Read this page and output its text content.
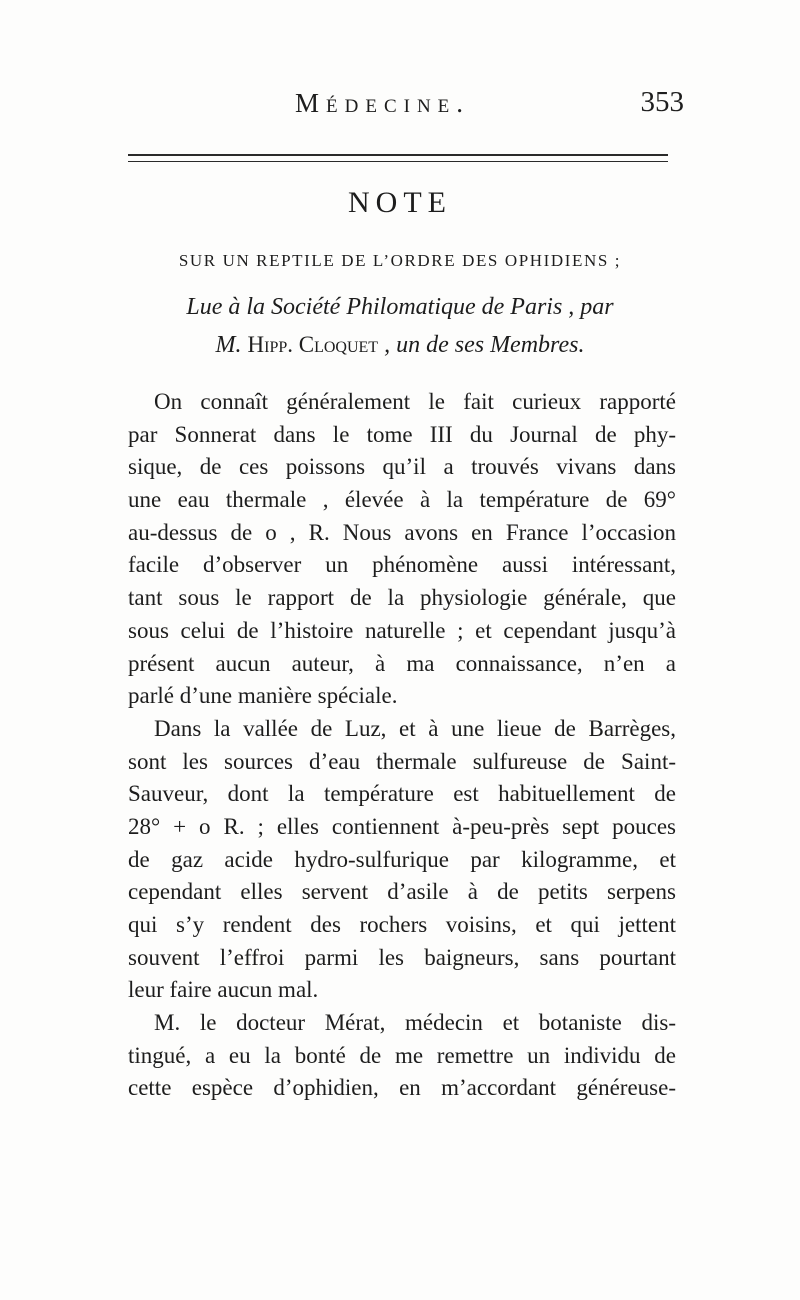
Médecine.	353
NOTE
SUR UN REPTILE DE L’ORDRE DES OPHIDIENS ;
Lue à la Société Philomatique de Paris , par
M. Hipp. Cloquet , un de ses Membres.
On connaît généralement le fait curieux rapporté
par Sonnerat dans le tome III du Journal de phy-
sique, de ces poissons qu’il a trouvés vivans dans
une eau thermale , élevée à la température de 69°
au-dessus de o , R. Nous avons en France l’occasion
facile d’observer un phénomène aussi intéressant,
tant sous le rapport de la physiologie générale, que
sous celui de l’histoire naturelle ; et cependant jusqu’à
présent aucun auteur, à ma connaissance, n’en a
parlé d’une manière spéciale.
Dans la vallée de Luz, et à une lieue de Barrèges,
sont les sources d’eau thermale sulfureuse de Saint-
Sauveur, dont la température est habituellement de
28° + o R. ; elles contiennent à-peu-près sept pouces
de gaz acide hydro-sulfurique par kilogramme, et
cependant elles servent d’asile à de petits serpens
qui s’y rendent des rochers voisins, et qui jettent
souvent l’effroi parmi les baigneurs, sans pourtant
leur faire aucun mal.
M. le docteur Mérat, médecin et botaniste dis-
tingué, a eu la bonté de me remettre un individu de
cette espèce d’ophidien, en m’accordant généreuse-
